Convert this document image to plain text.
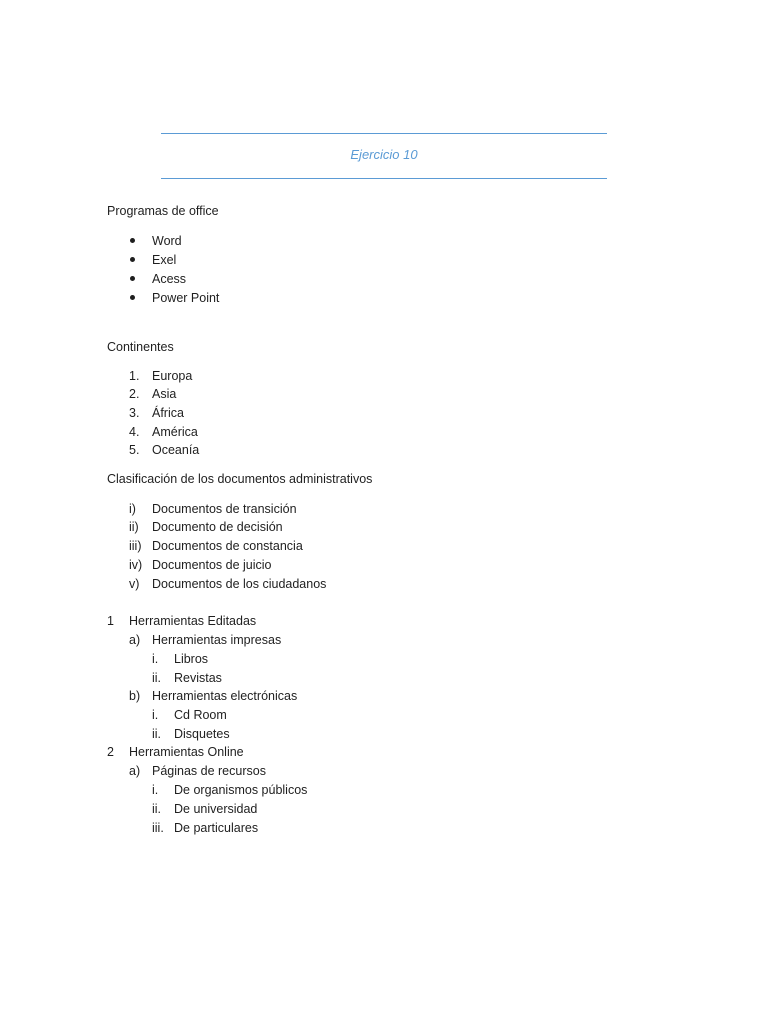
Ejercicio 10
Programas de office
Word
Exel
Acess
Power Point
Continentes
1. Europa
2. Asia
3. África
4. América
5. Oceanía
Clasificación de los documentos administrativos
i) Documentos de transición
ii) Documento de decisión
iii) Documentos de constancia
iv) Documentos de juicio
v) Documentos de los ciudadanos
1 Herramientas Editadas
a) Herramientas impresas
i. Libros
ii. Revistas
b) Herramientas electrónicas
i. Cd Room
ii. Disquetes
2 Herramientas Online
a) Páginas de recursos
i. De organismos públicos
ii. De universidad
iii. De particulares
